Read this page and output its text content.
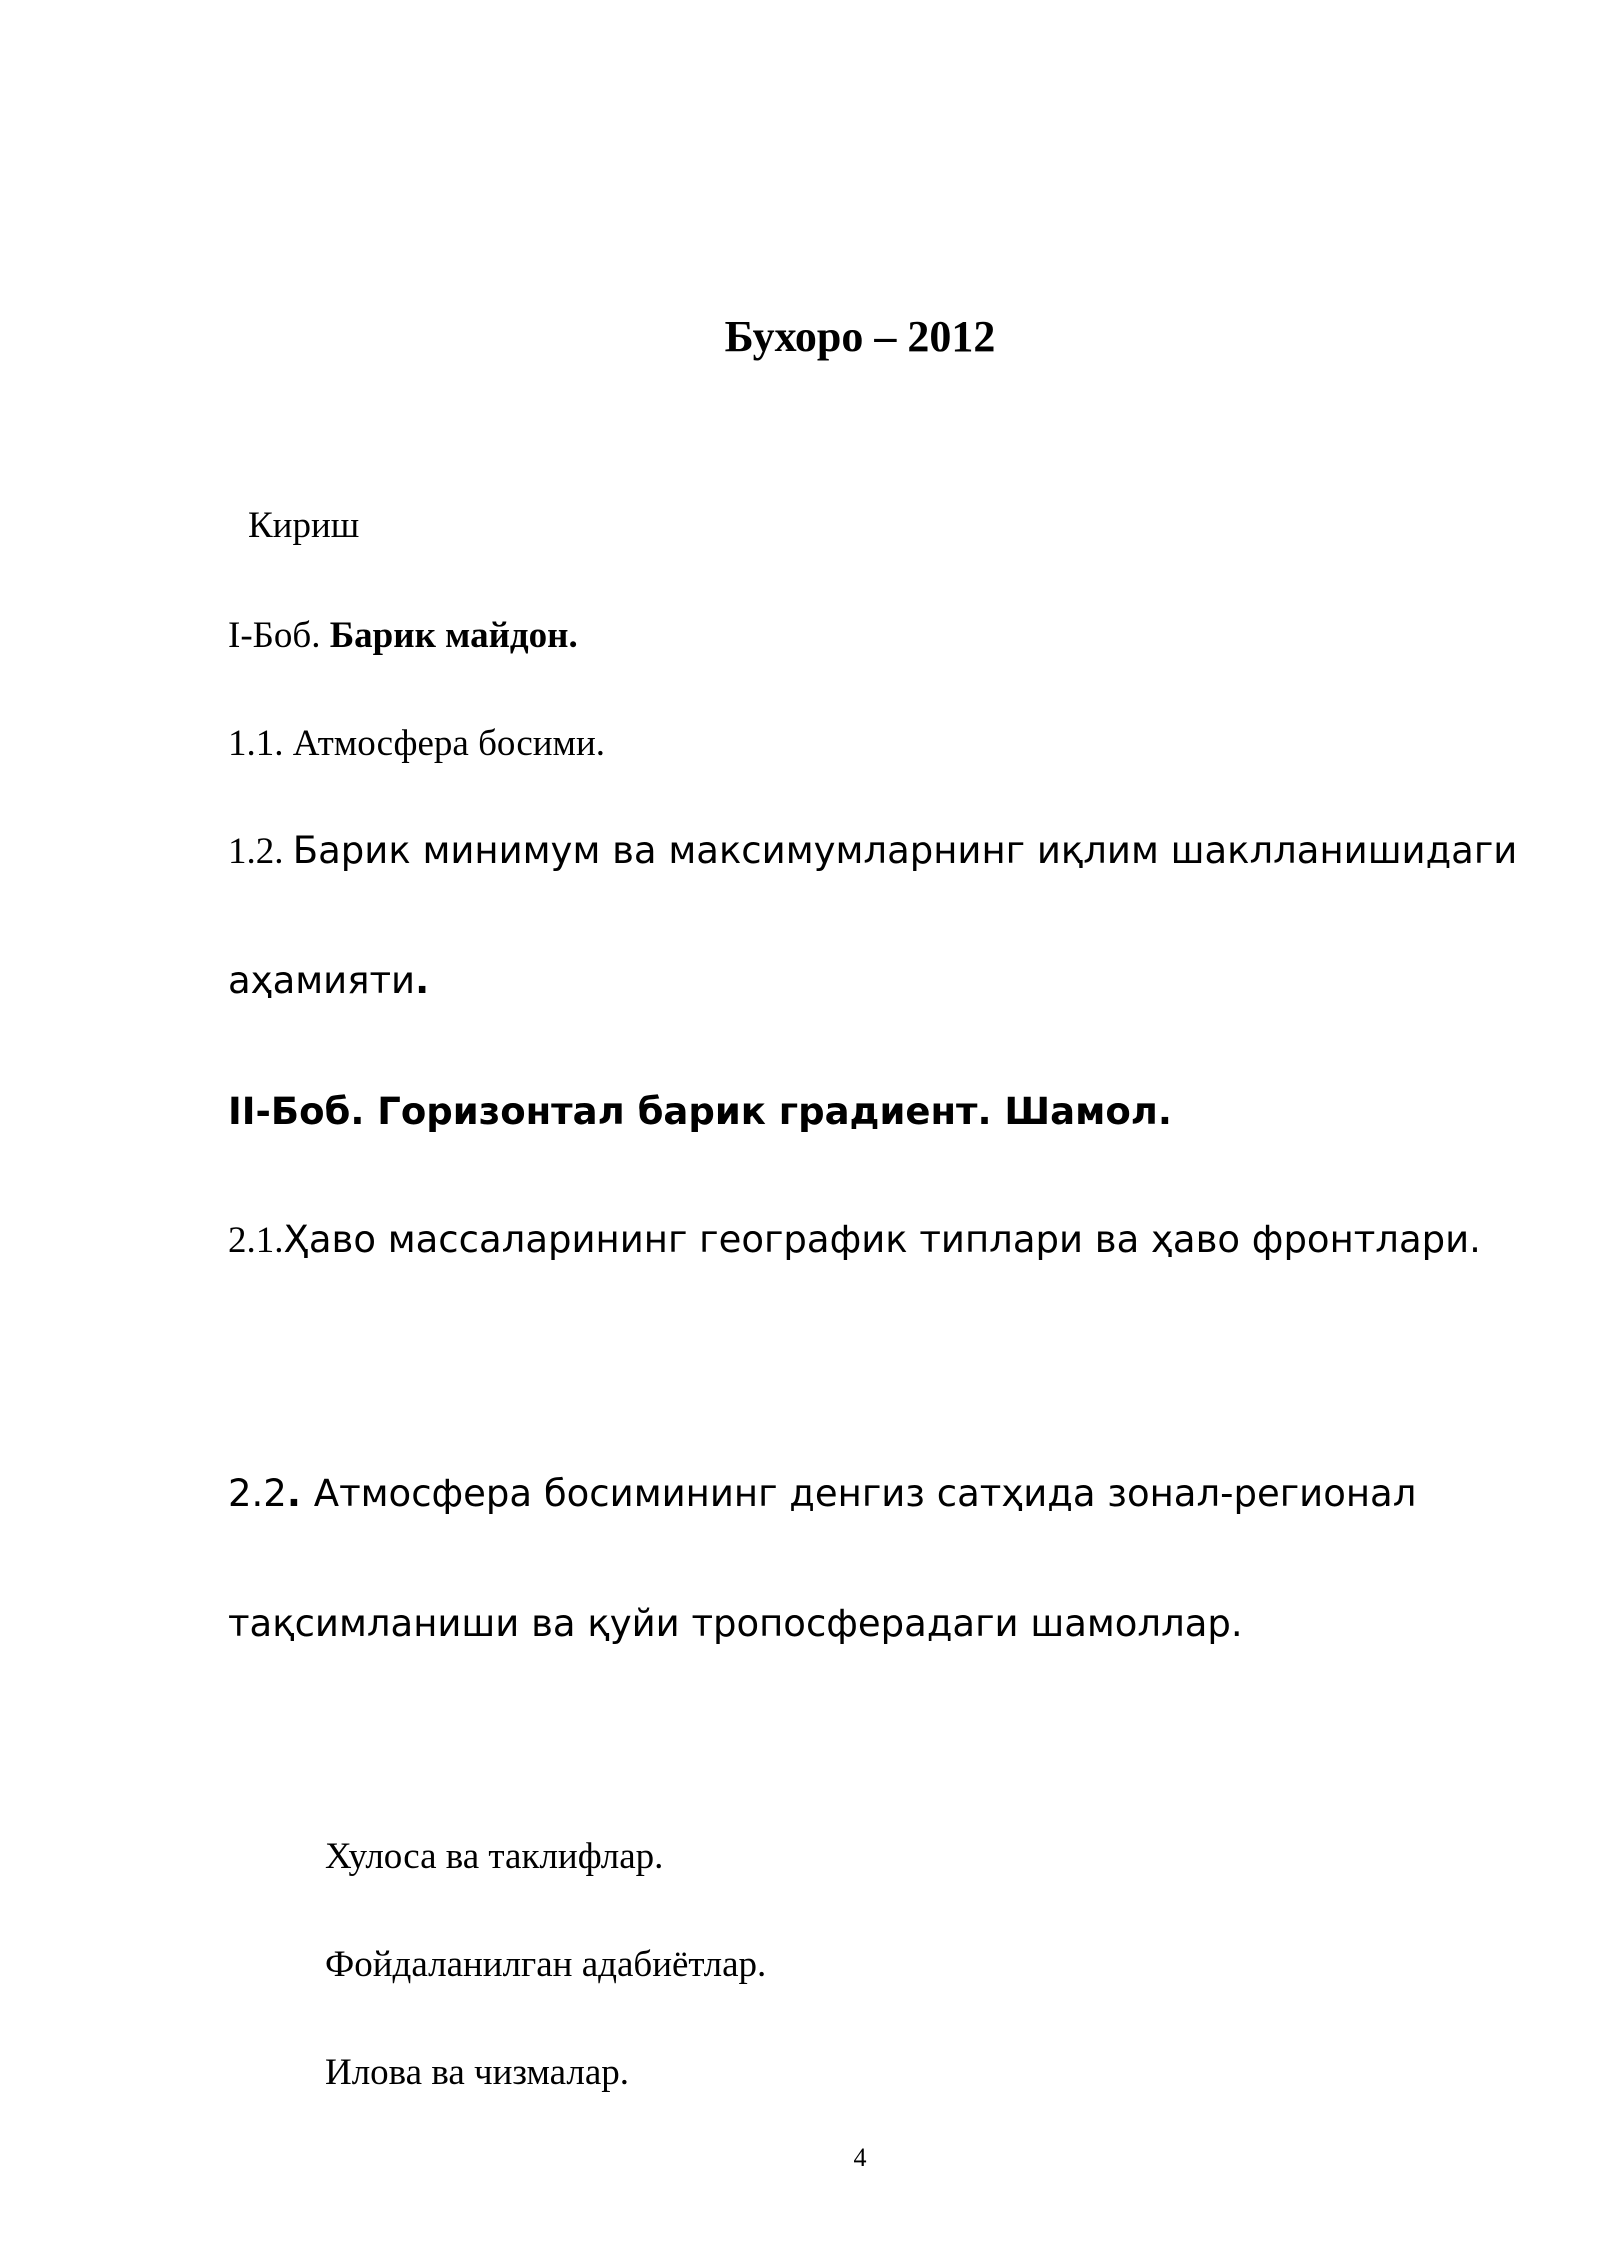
Бухоро – 2012
Кириш
I-Боб. Барик майдон.
1.1. Атмосфера босими.
1.2. Барик минимум ва максимумларнинг иқлим шаклланишидаги
аҳамияти.
II-Боб. Горизонтал барик градиент. Шамол.
2.1.Ҳаво массаларининг географик типлари ва ҳаво фронтлари.
2.2. Атмосфера босимининг денгиз сатҳида зонал-регионал
тақсимланиши ва қуйи тропосферадаги шамоллар.
Хулоса ва таклифлар.
Фойдаланилган адабиётлар.
Илова ва чизмалар.
4
